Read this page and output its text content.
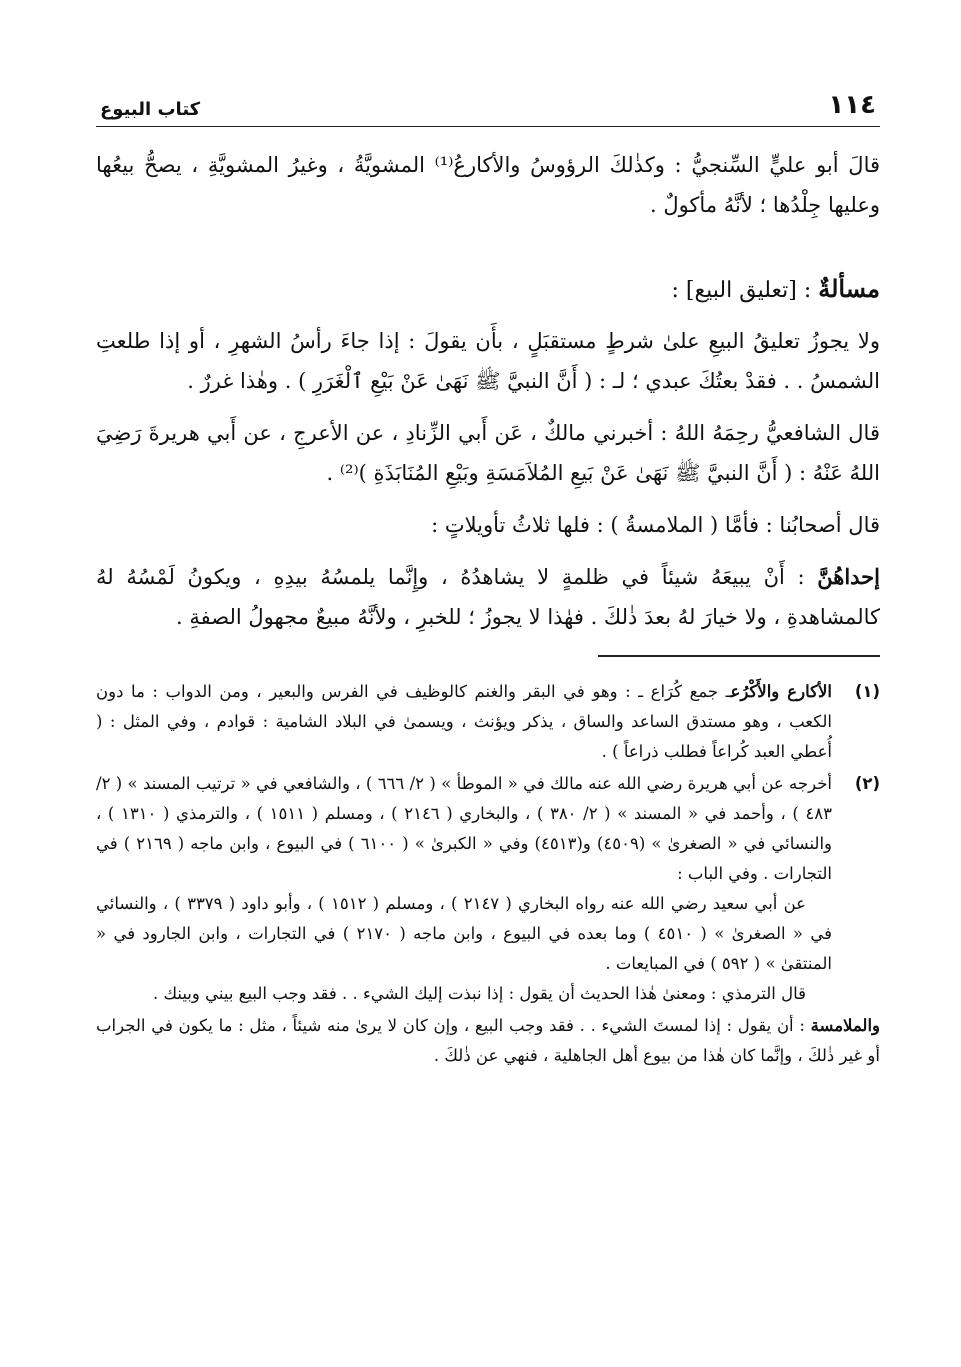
١١٤
كتاب البيوع

قالَ أبو عليٍّ السِّنجيُّ : وكذٰلكَ الرؤوسُ والأكارعُ⁽¹⁾ المشويَّةُ ، وغيرُ المشويَّةِ ، يصحُّ بيعُها وعليها جِلْدُها ؛ لأنَّهُ مأكولٌ .

مسألةٌ : [تعليق البيع] :

ولا يجوزُ تعليقُ البيعِ علىٰ شرطٍ مستقبَلٍ ، بأَن يقولَ : إذا جاءَ رأسُ الشهرِ ، أو إذا طلعتِ الشمسُ . . فقدْ بعتُكَ عبدي ؛ لـ : ( أَنَّ النبيَّ ﷺ نَهَىٰ عَنْ بَيْعِ ٱلْغَرَرِ ) . وهٰذا غررٌ .

قال الشافعيُّ رحِمَهُ اللهُ : أخبرني مالكٌ ، عَن أَبي الزِّنادِ ، عن الأعرجِ ، عن أَبي هريرةَ رَضِيَ اللهُ عَنْهُ : ( أَنَّ النبيَّ ﷺ نَهَىٰ عَنْ بَيعِ المُلاَمَسَةِ وبَيْعِ المُنَابَذَةِ )⁽²⁾ .

قال أصحابُنا : فأمَّا ( الملامسةُ ) : فلها ثلاثُ تأويلاتٍ :

إحداهُنَّ : أَنْ يبيعَهُ شيئاً في ظلمةٍ لا يشاهدُهُ ، وإِنَّما يلمسُهُ بيدِهِ ، ويكونُ لَمْسُهُ لهُ كالمشاهدةِ ، ولا خيارَ لهُ بعدَ ذٰلكَ . فهٰذا لا يجوزُ ؛ للخبرِ ، ولأنَّهُ مبيعٌ مجهولُ الصفةِ .

(١)

الأكارع والأَكْرُعـ جمع كُرَاع ـ : وهو في البقر والغنم كالوظيف في الفرس والبعير ، ومن الدواب : ما دون الكعب ، وهو مستدق الساعد والساق ، يذكر ويؤنث ، ويسمىٰ في البلاد الشامية : قوادم ، وفي المثل : ( أُعطي العبد كُراعاً فطلب ذراعاً ) .

(٢)

أخرجه عن أبي هريرة رضي الله عنه مالك في « الموطأ » ( ٢/ ٦٦٦ ) ، والشافعي في « ترتيب المسند » ( ٢/ ٤٨٣ ) ، وأحمد في « المسند » ( ٢/ ٣٨٠ ) ، والبخاري ( ٢١٤٦ ) ، ومسلم ( ١٥١١ ) ، والترمذي ( ١٣١٠ ) ، والنسائي في « الصغرىٰ » (٤٥٠٩) و(٤٥١٣) وفي « الكبرىٰ » ( ٦١٠٠ ) في البيوع ، وابن ماجه ( ٢١٦٩ ) في التجارات . وفي الباب :

عن أبي سعيد رضي الله عنه رواه البخاري ( ٢١٤٧ ) ، ومسلم ( ١٥١٢ ) ، وأبو داود ( ٣٣٧٩ ) ، والنسائي في « الصغرىٰ » ( ٤٥١٠ ) وما بعده في البيوع ، وابن ماجه ( ٢١٧٠ ) في التجارات ، وابن الجارود في « المنتقىٰ » ( ٥٩٢ ) في المبايعات .

قال الترمذي : ومعنىٰ هٰذا الحديث أن يقول : إذا نبذت إليك الشيء . . فقد وجب البيع بيني وبينك .

والملامسة : أن يقول : إذا لمستَ الشيء . . فقد وجب البيع ، وإن كان لا يرىٰ منه شيئاً ، مثل : ما يكون في الجراب أو غير ذٰلكَ ، وإنَّما كان هٰذا من بيوع أهل الجاهلية ، فنهي عن ذٰلكَ .
